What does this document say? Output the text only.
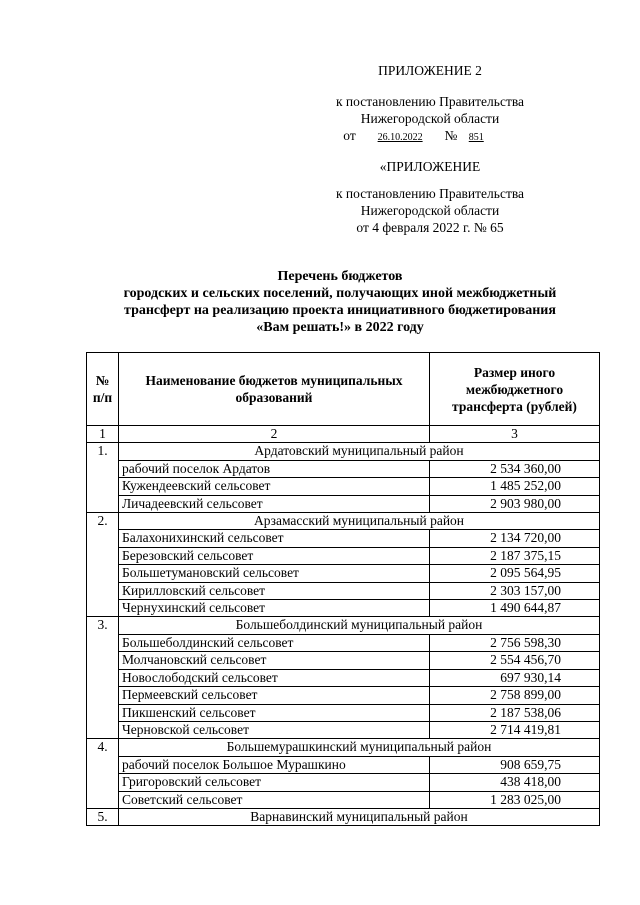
ПРИЛОЖЕНИЕ 2
к постановлению Правительства
Нижегородской области
от 26.10.2022 № 851
«ПРИЛОЖЕНИЕ
к постановлению Правительства
Нижегородской области
от 4 февраля 2022 г. № 65
Перечень бюджетов
городских и сельских поселений, получающих иной межбюджетный
трансферт на реализацию проекта инициативного бюджетирования
«Вам решать!» в 2022 году
№ п/п	Наименование бюджетов муниципальных образований	Размер иного межбюджетного трансферта (рублей)
1	2	3
1.	Ардатовский муниципальный район	
	рабочий поселок Ардатов	2 534 360,00
	Кужендеевский сельсовет	1 485 252,00
	Личадеевский сельсовет	2 903 980,00
2.	Арзамасский муниципальный район	
	Балахонихинский сельсовет	2 134 720,00
	Березовский сельсовет	2 187 375,15
	Большетумановский сельсовет	2 095 564,95
	Кирилловский сельсовет	2 303 157,00
	Чернухинский сельсовет	1 490 644,87
3.	Большеболдинский муниципальный район	
	Большеболдинский сельсовет	2 756 598,30
	Молчановский сельсовет	2 554 456,70
	Новослободский сельсовет	697 930,14
	Пермеевский сельсовет	2 758 899,00
	Пикшенский сельсовет	2 187 538,06
	Черновской сельсовет	2 714 419,81
4.	Большемурашкинский муниципальный район	
	рабочий поселок Большое Мурашкино	908 659,75
	Григоровский сельсовет	438 418,00
	Советский сельсовет	1 283 025,00
5.	Варнавинский муниципальный район	
